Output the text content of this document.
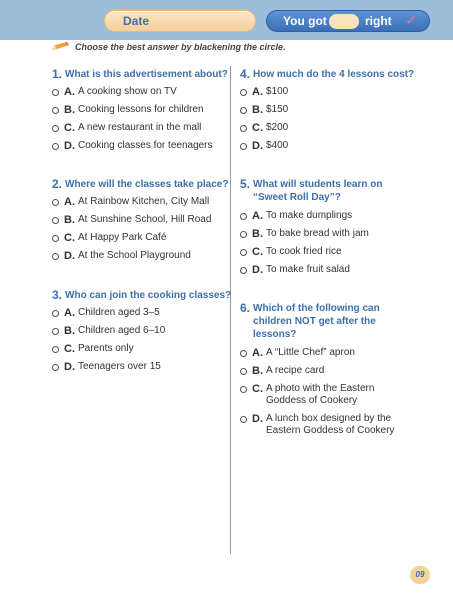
Date	You got	right ✓
Choose the best answer by blackening the circle.
1. What is this advertisement about?
A. A cooking show on TV
B. Cooking lessons for children
C. A new restaurant in the mall
D. Cooking classes for teenagers
2. Where will the classes take place?
A. At Rainbow Kitchen, City Mall
B. At Sunshine School, Hill Road
C. At Happy Park Café
D. At the School Playground
3. Who can join the cooking classes?
A. Children aged 3–5
B. Children aged 6–10
C. Parents only
D. Teenagers over 15
4. How much do the 4 lessons cost?
A. $100
B. $150
C. $200
D. $400
5. What will students learn on “Sweet Roll Day”?
A. To make dumplings
B. To bake bread with jam
C. To cook fried rice
D. To make fruit salad
6. Which of the following can children NOT get after the lessons?
A. A “Little Chef” apron
B. A recipe card
C. A photo with the Eastern Goddess of Cookery
D. A lunch box designed by the Eastern Goddess of Cookery
09
